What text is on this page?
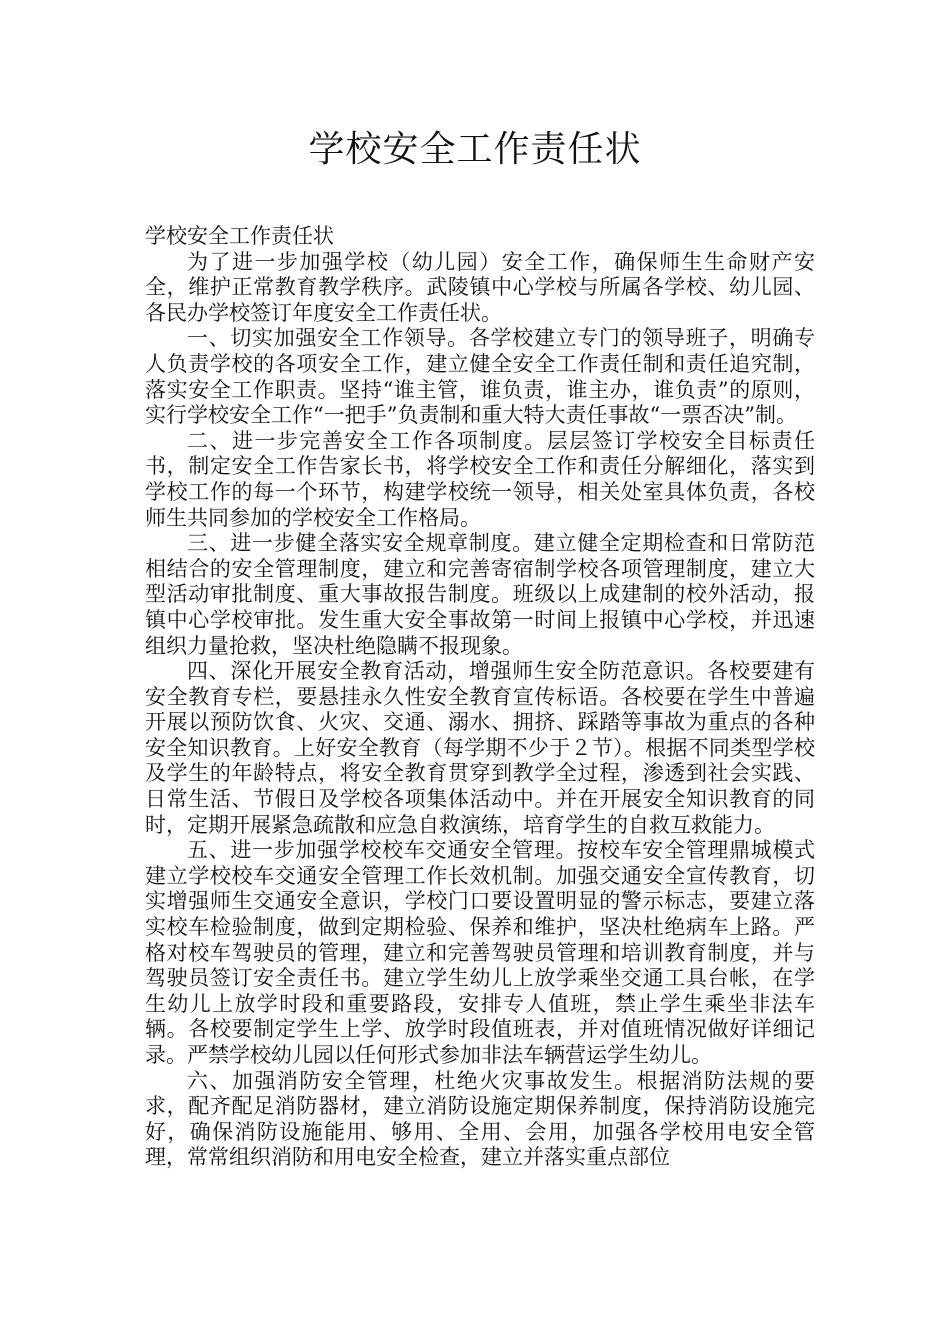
学校安全工作责任状

学校安全工作责任状

为了进一步加强学校（幼儿园）安全工作，确保师生生命财产安全，维护正常教育教学秩序。武陵镇中心学校与所属各学校、幼儿园、各民办学校签订年度安全工作责任状。

一、切实加强安全工作领导。各学校建立专门的领导班子，明确专人负责学校的各项安全工作，建立健全安全工作责任制和责任追究制，落实安全工作职责。坚持“谁主管，谁负责，谁主办，谁负责”的原则，实行学校安全工作“一把手”负责制和重大特大责任事故“一票否决”制。

二、进一步完善安全工作各项制度。层层签订学校安全目标责任书，制定安全工作告家长书，将学校安全工作和责任分解细化，落实到学校工作的每一个环节，构建学校统一领导，相关处室具体负责，各校师生共同参加的学校安全工作格局。

三、进一步健全落实安全规章制度。建立健全定期检查和日常防范相结合的安全管理制度，建立和完善寄宿制学校各项管理制度，建立大型活动审批制度、重大事故报告制度。班级以上成建制的校外活动，报镇中心学校审批。发生重大安全事故第一时间上报镇中心学校，并迅速组织力量抢救，坚决杜绝隐瞒不报现象。

四、深化开展安全教育活动，增强师生安全防范意识。各校要建有安全教育专栏，要悬挂永久性安全教育宣传标语。各校要在学生中普遍开展以预防饮食、火灾、交通、溺水、拥挤、踩踏等事故为重点的各种安全知识教育。上好安全教育（每学期不少于２节）。根据不同类型学校及学生的年龄特点，将安全教育贯穿到教学全过程，渗透到社会实践、日常生活、节假日及学校各项集体活动中。并在开展安全知识教育的同时，定期开展紧急疏散和应急自救演练，培育学生的自救互救能力。

五、进一步加强学校校车交通安全管理。按校车安全管理鼎城模式建立学校校车交通安全管理工作长效机制。加强交通安全宣传教育，切实增强师生交通安全意识，学校门口要设置明显的警示标志，要建立落实校车检验制度，做到定期检验、保养和维护，坚决杜绝病车上路。严格对校车驾驶员的管理，建立和完善驾驶员管理和培训教育制度，并与驾驶员签订安全责任书。建立学生幼儿上放学乘坐交通工具台帐，在学生幼儿上放学时段和重要路段，安排专人值班，禁止学生乘坐非法车辆。各校要制定学生上学、放学时段值班表，并对值班情况做好详细记录。严禁学校幼儿园以任何形式参加非法车辆营运学生幼儿。

六、加强消防安全管理，杜绝火灾事故发生。根据消防法规的要求，配齐配足消防器材，建立消防设施定期保养制度，保持消防设施完好，确保消防设施能用、够用、全用、会用，加强各学校用电安全管理，常常组织消防和用电安全检查，建立并落实重点部位
